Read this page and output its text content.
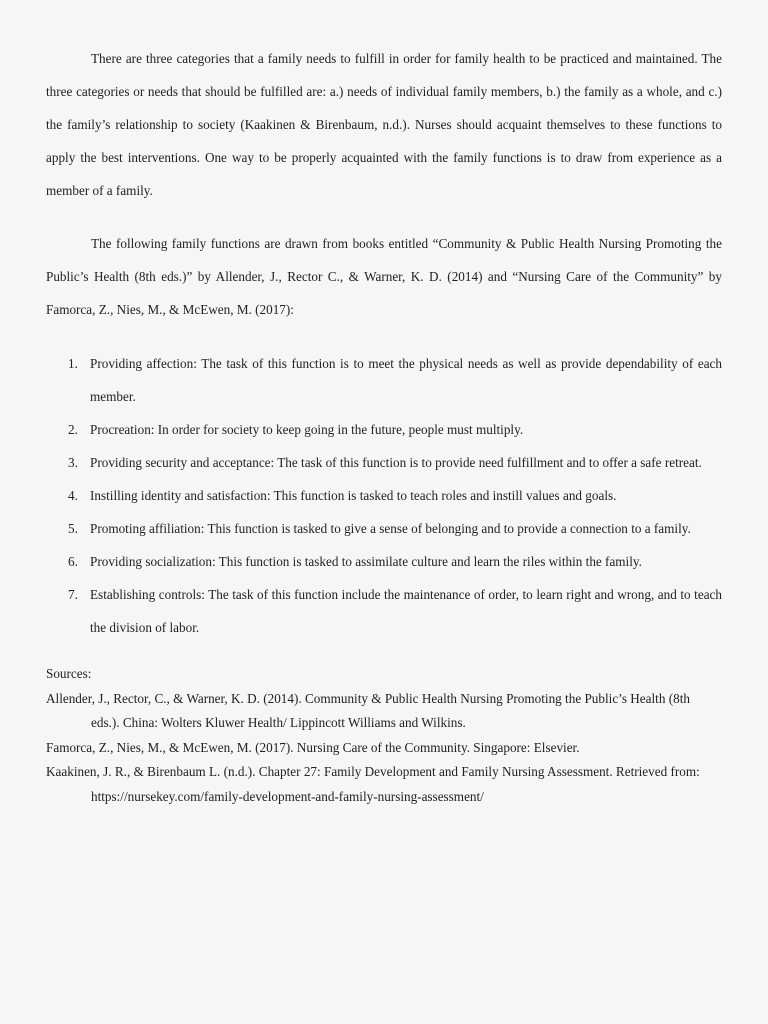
There are three categories that a family needs to fulfill in order for family health to be practiced and maintained. The three categories or needs that should be fulfilled are: a.) needs of individual family members, b.) the family as a whole, and c.) the family’s relationship to society (Kaakinen & Birenbaum, n.d.). Nurses should acquaint themselves to these functions to apply the best interventions. One way to be properly acquainted with the family functions is to draw from experience as a member of a family.

The following family functions are drawn from books entitled “Community & Public Health Nursing Promoting the Public’s Health (8th eds.)” by Allender, J., Rector C., & Warner, K. D. (2014) and “Nursing Care of the Community” by Famorca, Z., Nies, M., & McEwen, M. (2017):

1. Providing affection: The task of this function is to meet the physical needs as well as provide dependability of each member.
2. Procreation: In order for society to keep going in the future, people must multiply.
3. Providing security and acceptance: The task of this function is to provide need fulfillment and to offer a safe retreat.
4. Instilling identity and satisfaction: This function is tasked to teach roles and instill values and goals.
5. Promoting affiliation: This function is tasked to give a sense of belonging and to provide a connection to a family.
6. Providing socialization: This function is tasked to assimilate culture and learn the riles within the family.
7. Establishing controls: The task of this function include the maintenance of order, to learn right and wrong, and to teach the division of labor.

Sources:

Allender, J., Rector, C., & Warner, K. D. (2014). Community & Public Health Nursing Promoting the Public’s Health (8th
eds.). China: Wolters Kluwer Health/ Lippincott Williams and Wilkins.

Famorca, Z., Nies, M., & McEwen, M. (2017). Nursing Care of the Community. Singapore: Elsevier.

Kaakinen, J. R., & Birenbaum L. (n.d.). Chapter 27: Family Development and Family Nursing Assessment. Retrieved from:
https://nursekey.com/family-development-and-family-nursing-assessment/
